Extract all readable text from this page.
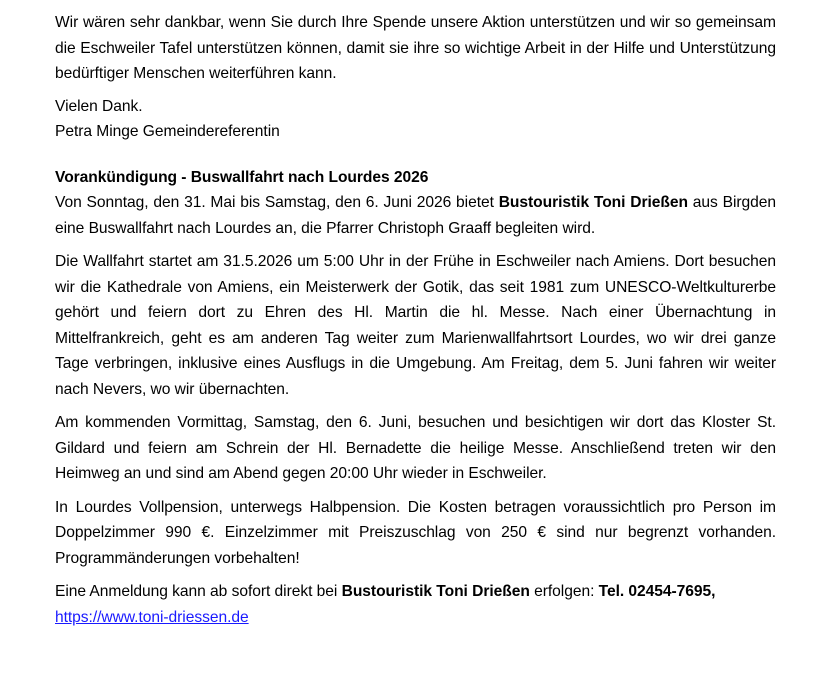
Wir wären sehr dankbar, wenn Sie durch Ihre Spende unsere Aktion unterstützen und wir so gemeinsam die Eschweiler Tafel unterstützen können, damit sie ihre so wichtige Arbeit in der Hilfe und Unterstützung bedürftiger Menschen weiterführen kann.

Vielen Dank.

Petra Minge Gemeindereferentin

Vorankündigung - Buswallfahrt nach Lourdes 2026

Von Sonntag, den 31. Mai bis Samstag, den 6. Juni 2026 bietet Bustouristik Toni Drießen aus Birgden eine Buswallfahrt nach Lourdes an, die Pfarrer Christoph Graaff begleiten wird.

Die Wallfahrt startet am 31.5.2026 um 5:00 Uhr in der Frühe in Eschweiler nach Amiens. Dort besuchen wir die Kathedrale von Amiens, ein Meisterwerk der Gotik, das seit 1981 zum UNESCO-Weltkulturerbe gehört und feiern dort zu Ehren des Hl. Martin die hl. Messe. Nach einer Übernachtung in Mittelfrankreich, geht es am anderen Tag weiter zum Marienwallfahrtsort Lourdes, wo wir drei ganze Tage verbringen, inklusive eines Ausflugs in die Umgebung. Am Freitag, dem 5. Juni fahren wir weiter nach Nevers, wo wir übernachten.

Am kommenden Vormittag, Samstag, den 6. Juni, besuchen und besichtigen wir dort das Kloster St. Gildard und feiern am Schrein der Hl. Bernadette die heilige Messe. Anschließend treten wir den Heimweg an und sind am Abend gegen 20:00 Uhr wieder in Eschweiler.

In Lourdes Vollpension, unterwegs Halbpension. Die Kosten betragen voraussichtlich pro Person im Doppelzimmer 990 €. Einzelzimmer mit Preiszuschlag von 250 € sind nur begrenzt vorhanden. Programmänderungen vorbehalten!

Eine Anmeldung kann ab sofort direkt bei Bustouristik Toni Drießen erfolgen: Tel. 02454-7695,
https://www.toni-driessen.de
